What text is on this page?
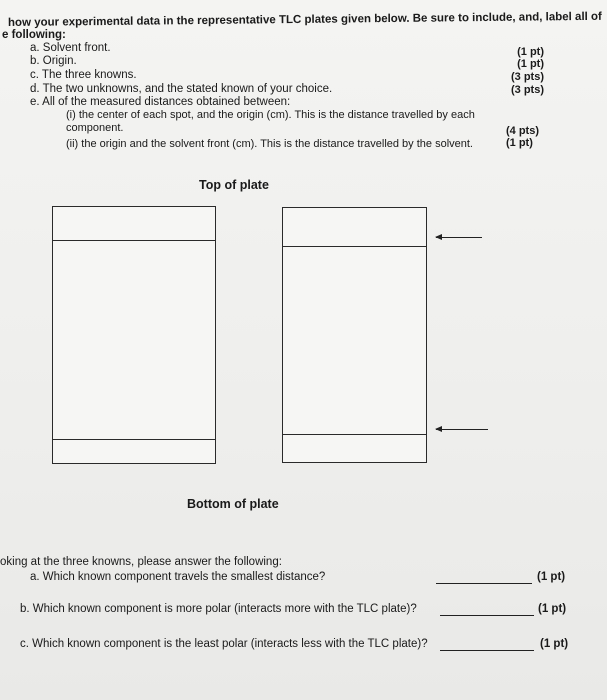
how your experimental data in the representative TLC plates given below. Be sure to include, and, label all of
e following:
a. Solvent front.
b. Origin.
c. The three knowns.
d. The two unknowns, and the stated known of your choice.
e. All of the measured distances obtained between:
(1 pt)
(1 pt)
(3 pts)
(3 pts)
(i) the center of each spot, and the origin (cm). This is the distance travelled by each
component.
(ii) the origin and the solvent front (cm). This is the distance travelled by the solvent.
(4 pts)
(1 pt)
Top of plate
Bottom of plate
oking at the three knowns, please answer the following:
a. Which known component travels the smallest distance?	(1 pt)
b. Which known component is more polar (interacts more with the TLC plate)?	(1 pt)
c. Which known component is the least polar (interacts less with the TLC plate)?	(1 pt)
